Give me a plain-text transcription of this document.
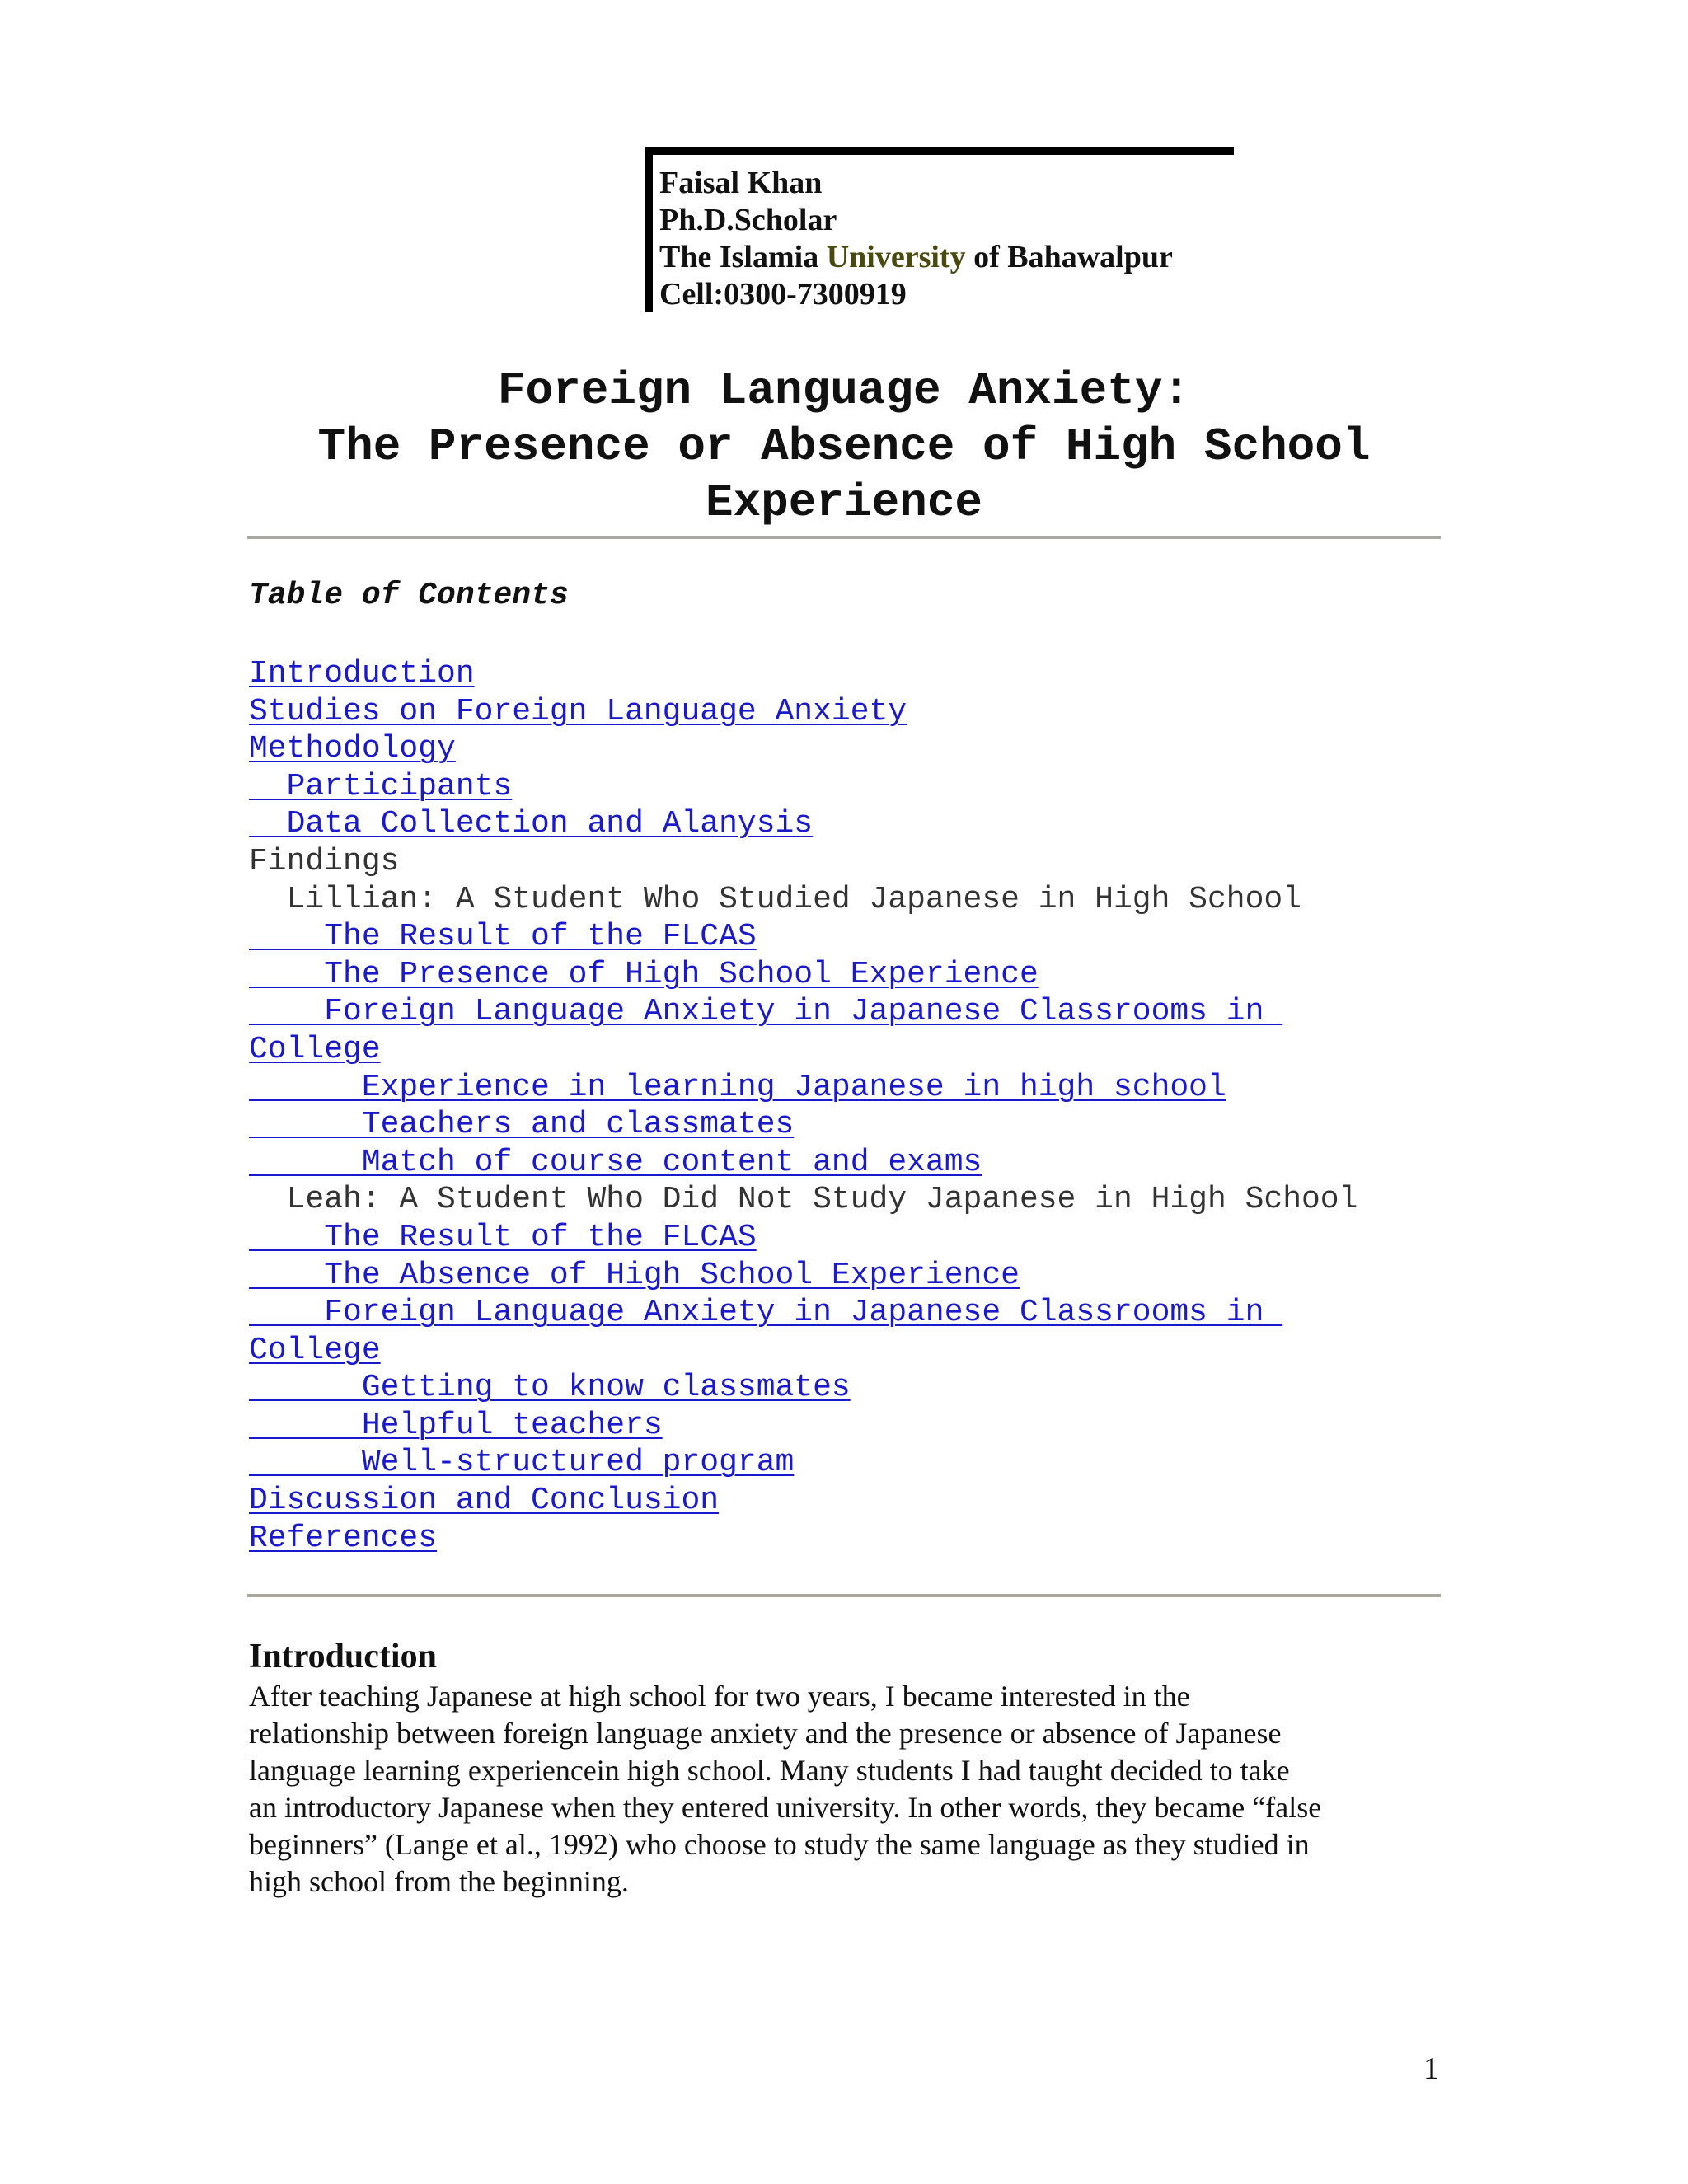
Faisal Khan
Ph.D.Scholar
The Islamia University of Bahawalpur
Cell:0300-7300919
Foreign Language Anxiety:
The Presence or Absence of High School
Experience
Table of Contents
Introduction
Studies on Foreign Language Anxiety
Methodology
Participants
Data Collection and Alanysis
Findings
Lillian: A Student Who Studied Japanese in High School
The Result of the FLCAS
The Presence of High School Experience
Foreign Language Anxiety in Japanese Classrooms in
College
Experience in learning Japanese in high school
Teachers and classmates
Match of course content and exams
Leah: A Student Who Did Not Study Japanese in High School
The Result of the FLCAS
The Absence of High School Experience
Foreign Language Anxiety in Japanese Classrooms in
College
Getting to know classmates
Helpful teachers
Well-structured program
Discussion and Conclusion
References
Introduction
After teaching Japanese at high school for two years, I became interested in the
relationship between foreign language anxiety and the presence or absence of Japanese
language learning experiencein high school. Many students I had taught decided to take
an introductory Japanese when they entered university. In other words, they became “false
beginners” (Lange et al., 1992) who choose to study the same language as they studied in
high school from the beginning.
1
